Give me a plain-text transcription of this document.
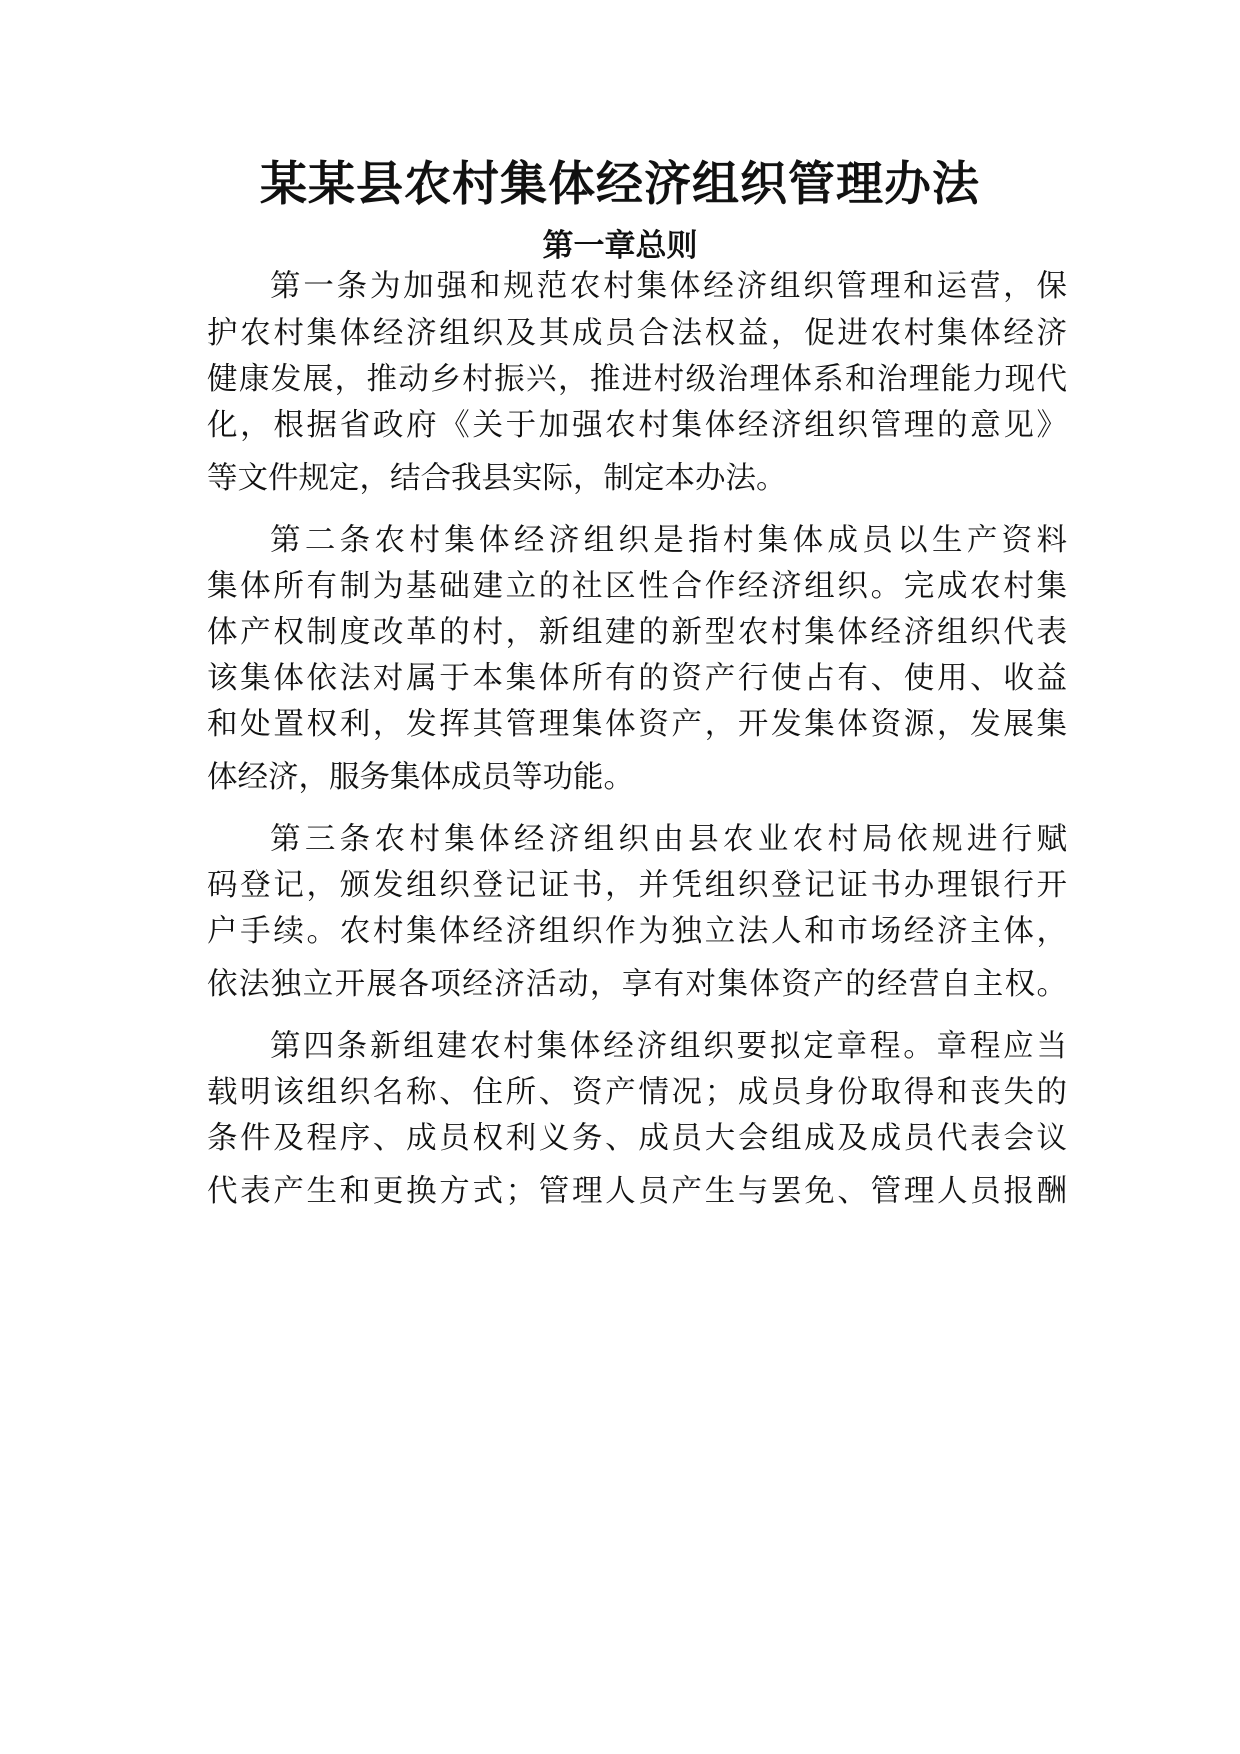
某某县农村集体经济组织管理办法
第一章总则
第一条为加强和规范农村集体经济组织管理和运营，保
护农村集体经济组织及其成员合法权益，促进农村集体经济
健康发展，推动乡村振兴，推进村级治理体系和治理能力现代
化，根据省政府《关于加强农村集体经济组织管理的意见》
等文件规定，结合我县实际，制定本办法。
第二条农村集体经济组织是指村集体成员以生产资料
集体所有制为基础建立的社区性合作经济组织。完成农村集
体产权制度改革的村，新组建的新型农村集体经济组织代表
该集体依法对属于本集体所有的资产行使占有、使用、收益
和处置权利，发挥其管理集体资产，开发集体资源，发展集
体经济，服务集体成员等功能。
第三条农村集体经济组织由县农业农村局依规进行赋
码登记，颁发组织登记证书，并凭组织登记证书办理银行开
户手续。农村集体经济组织作为独立法人和市场经济主体，
依法独立开展各项经济活动，享有对集体资产的经营自主权。
第四条新组建农村集体经济组织要拟定章程。章程应当
载明该组织名称、住所、资产情况；成员身份取得和丧失的
条件及程序、成员权利义务、成员大会组成及成员代表会议
代表产生和更换方式；管理人员产生与罢免、管理人员报酬
